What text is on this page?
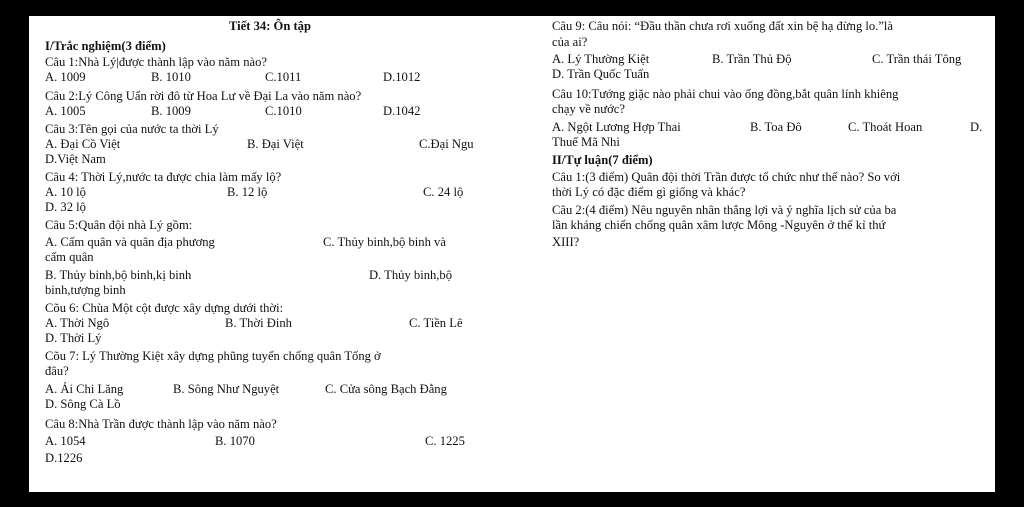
Tiết 34: Ôn tập
I/Trắc nghiệm(3 điểm)
Câu 1:Nhà Lý|được thành lập vào năm nào?
A. 1009	B. 1010	C.1011	D.1012
Câu 2:Lý Công Uẩn rời đô từ Hoa Lư về Đại La vào năm nào?
A. 1005	B. 1009	C.1010	D.1042
Câu 3:Tên gọi của nước ta thời Lý
A. Đại Cồ Việt	B. Đại Việt	C.Đại Ngu
D.Việt Nam
Câu 4: Thời Lý,nước ta được chia làm mấy lộ?
A. 10 lộ	B. 12 lộ	C. 24 lộ
D. 32 lộ
Câu 5:Quân đội nhà Lý gồm:
A. Cấm quân và quân địa phương	C. Thủy binh,bộ binh và
cấm quân
B. Thủy binh,bộ binh,kị binh	D. Thủy binh,bộ
binh,tượng binh
Cõu 6: Chùa Một cột được xây dựng dưới thời:
A. Thời Ngô	B. Thời Đinh	C. Tiền Lê
D. Thời Lý
Cõu 7: Lý Thường Kiệt xây dựng phũng tuyến chống quân Tống ở
đâu?
A. Ải Chi Lăng	B. Sông Như Nguyệt	C. Cửa sông Bạch Đằng
D. Sông Cà Lồ
Câu 8:Nhà Trần được thành lập vào năm nào?
A. 1054	B. 1070	C. 1225
D.1226
Câu 9: Câu nói: “Đầu thần chưa rơi xuống đất xin bệ hạ đừng lo.”là
của ai?
A. Lý Thường Kiệt	B. Trần Thủ Độ	C. Trần thái Tông
D. Trần Quốc Tuấn
Câu 10:Tướng giặc nào phải chui vào ống đồng,bắt quân lính khiêng
chạy về nước?
A. Ngột Lương Hợp Thai	B. Toa Đô	C. Thoát Hoan	D.
Thuế Mã Nhi
II/Tự luận(7 điểm)
Câu 1:(3 điểm) Quân đội thời Trần được tổ chức như thế nào? So với
thời Lý có đặc điểm gì giống và khác?
Câu 2:(4 điểm) Nêu nguyên nhân thắng lợi và ý nghĩa lịch sử của ba
lần kháng chiến chống quân xâm lược Mông -Nguyên ở thế kỉ thứ
XIII?
